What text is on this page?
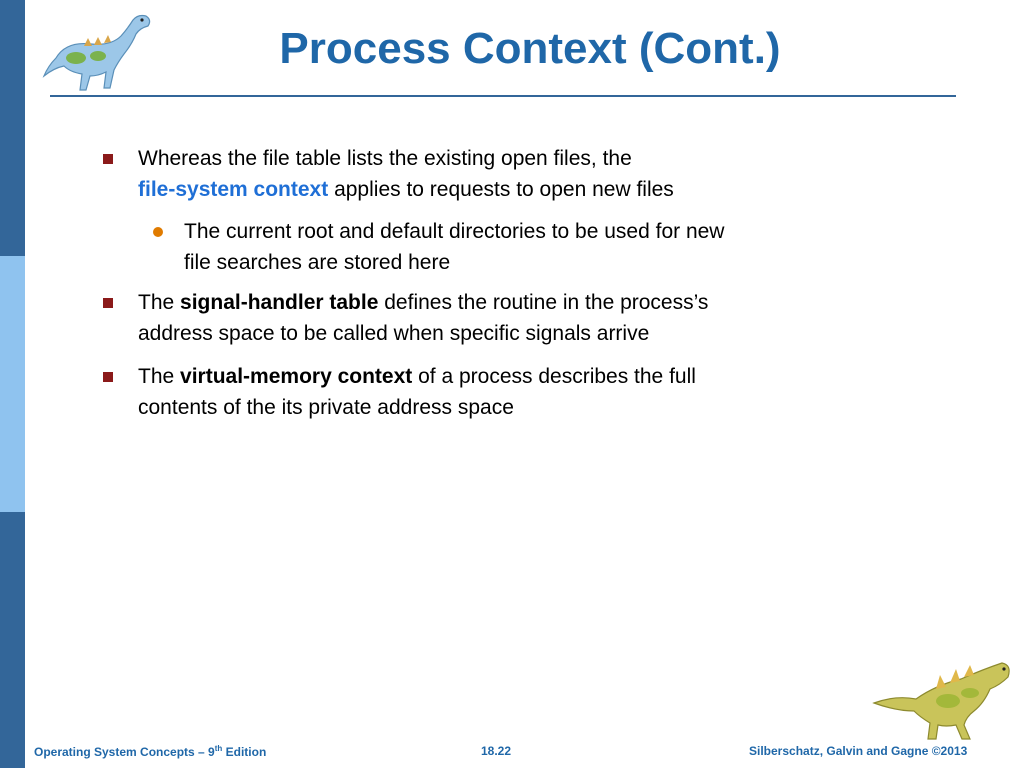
Process Context (Cont.)
Whereas the file table lists the existing open files, the
file-system context applies to requests to open new files
The current root and default directories to be used for new
file searches are stored here
The signal-handler table defines the routine in the process’s
address space to be called when specific signals arrive
The virtual-memory context of a process describes the full
contents of the its private address space
Operating System Concepts – 9th Edition	18.22	Silberschatz, Galvin and Gagne ©2013
